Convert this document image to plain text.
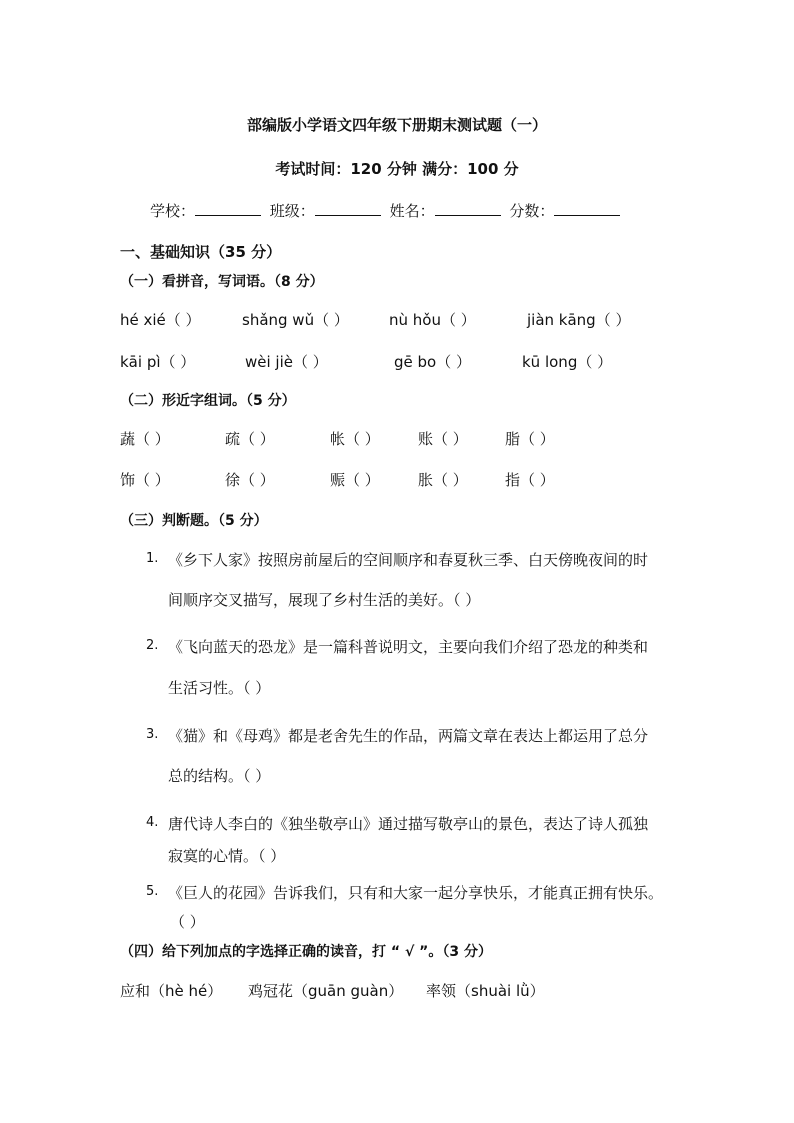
部编版小学语文四年级下册期末测试题（一）
考试时间：120 分钟 满分：100 分
学校：	班级：	姓名：	分数：
一、基础知识（35 分）
（一）看拼音，写词语。（8 分）
hé xié（ ）	shǎng wǔ（ ）	nù hǒu（ ）	jiàn kāng（ ）
kāi pì（ ）	wèi jiè（ ）	gē bo（ ）	kū long（ ）
（二）形近字组词。（5 分）
蔬（ ）	疏（ ）	帐（ ）	账（ ） 脂（ ）
饰（ ）	徐（ ）	赈（ ）	胀（ ） 指（ ）
（三）判断题。（5 分）
1. 《乡下人家》按照房前屋后的空间顺序和春夏秋三季、白天傍晚夜间的时
间顺序交叉描写，展现了乡村生活的美好。（ ）
2. 《飞向蓝天的恐龙》是一篇科普说明文，主要向我们介绍了恐龙的种类和
生活习性。（ ）
3. 《猫》和《母鸡》都是老舍先生的作品，两篇文章在表达上都运用了总分
总的结构。（ ）
4. 唐代诗人李白的《独坐敬亭山》通过描写敬亭山的景色，表达了诗人孤独
寂寞的心情。（ ）
5. 《巨人的花园》告诉我们，只有和大家一起分享快乐，才能真正拥有快乐。
（ ）
（四）给下列加点的字选择正确的读音，打 “ √ ”。（3 分）
应和（hè hé） 鸡冠花（guān guàn） 率领（shuài lǜ）
